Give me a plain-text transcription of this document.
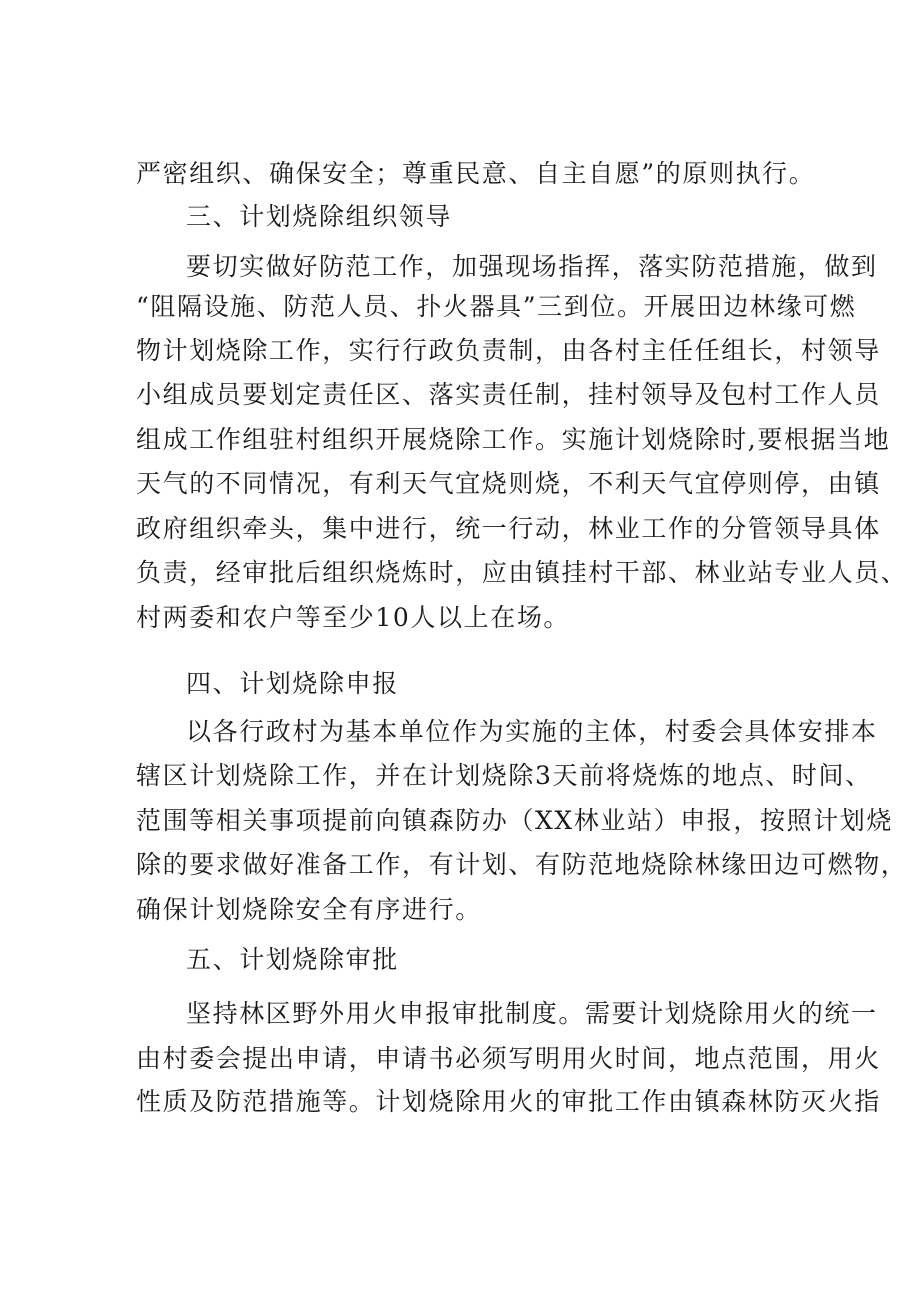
严密组织、确保安全；尊重民意、自主自愿”的原则执行。
三、计划烧除组织领导
要切实做好防范工作，加强现场指挥，落实防范措施，做到
“阻隔设施、防范人员、扑火器具”三到位。开展田边林缘可燃
物计划烧除工作，实行行政负责制，由各村主任任组长，村领导
小组成员要划定责任区、落实责任制，挂村领导及包村工作人员
组成工作组驻村组织开展烧除工作。实施计划烧除时,要根据当地
天气的不同情况，有利天气宜烧则烧，不利天气宜停则停，由镇
政府组织牵头，集中进行，统一行动，林业工作的分管领导具体
负责，经审批后组织烧炼时，应由镇挂村干部、林业站专业人员、
村两委和农户等至少10人以上在场。
四、计划烧除申报
以各行政村为基本单位作为实施的主体，村委会具体安排本
辖区计划烧除工作，并在计划烧除3天前将烧炼的地点、时间、
范围等相关事项提前向镇森防办（XX林业站）申报，按照计划烧
除的要求做好准备工作，有计划、有防范地烧除林缘田边可燃物，
确保计划烧除安全有序进行。
五、计划烧除审批
坚持林区野外用火申报审批制度。需要计划烧除用火的统一
由村委会提出申请，申请书必须写明用火时间，地点范围，用火
性质及防范措施等。计划烧除用火的审批工作由镇森林防灭火指
